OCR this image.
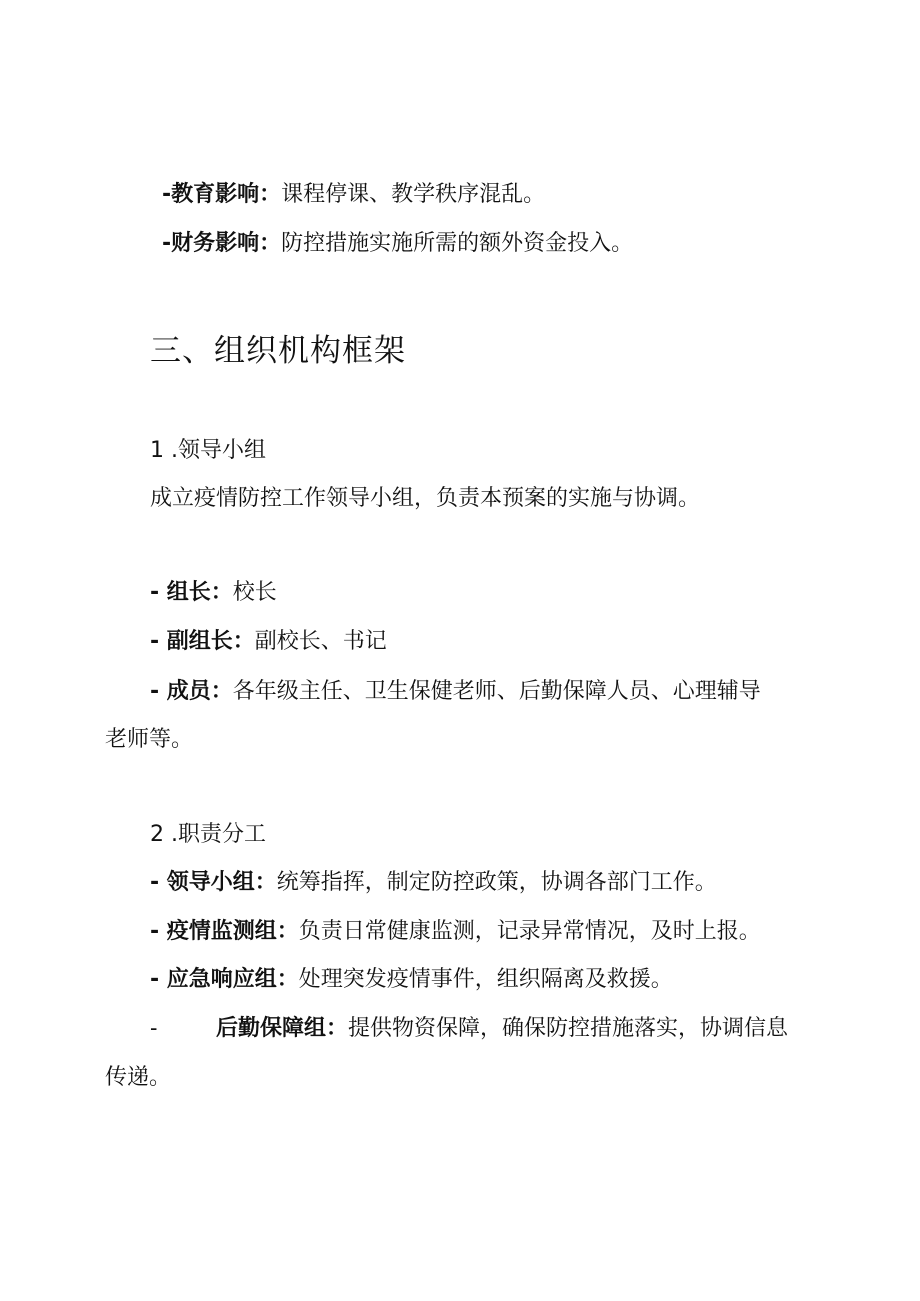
-教育影响：课程停课、教学秩序混乱。
-财务影响：防控措施实施所需的额外资金投入。
三、组织机构框架
1 .领导小组
成立疫情防控工作领导小组，负责本预案的实施与协调。
- 组长：校长
- 副组长：副校长、书记
- 成员：各年级主任、卫生保健老师、后勤保障人员、心理辅导
老师等。
2 .职责分工
- 领导小组：统筹指挥，制定防控政策，协调各部门工作。
- 疫情监测组：负责日常健康监测，记录异常情况，及时上报。
- 应急响应组：处理突发疫情事件，组织隔离及救援。
-	后勤保障组：提供物资保障，确保防控措施落实，协调信息
传递。
